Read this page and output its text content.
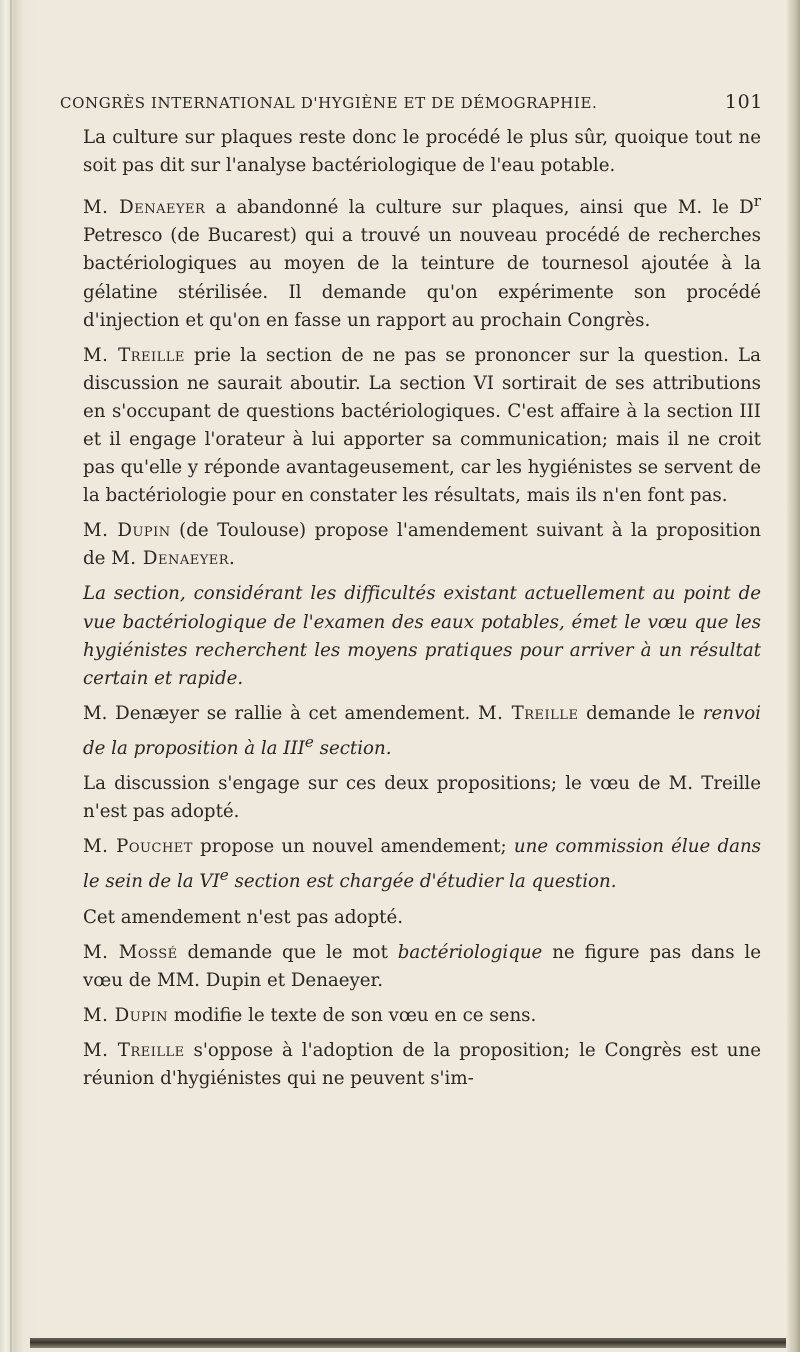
CONGRÈS INTERNATIONAL D'HYGIÈNE ET DE DÉMOGRAPHIE.	101

La culture sur plaques reste donc le procédé le plus sûr, quoique tout ne soit pas dit sur l'analyse bactériologique de l'eau potable.

M. Denaeyer a abandonné la culture sur plaques, ainsi que M. le $D^r$ Petresco (de Bucarest) qui a trouvé un nouveau procédé de recherches bactériologiques au moyen de la teinture de tournesol ajoutée à la gélatine stérilisée. Il demande qu'on expérimente son procédé d'injection et qu'on en fasse un rapport au prochain Congrès.

M. Treille prie la section de ne pas se prononcer sur la question. La discussion ne saurait aboutir. La section VI sortirait de ses attributions en s'occupant de questions bactériologiques. C'est affaire à la section III et il engage l'orateur à lui apporter sa communication; mais il ne croit pas qu'elle y réponde avantageusement, car les hygiénistes se servent de la bactériologie pour en constater les résultats, mais ils n'en font pas.

M. Dupin (de Toulouse) propose l'amendement suivant à la proposition de M. Denaeyer.

La section, considérant les difficultés existant actuellement au point de vue bactériologique de l'examen des eaux potables, émet le vœu que les hygiénistes recherchent les moyens pratiques pour arriver à un résultat certain et rapide.

M. Denæyer se rallie à cet amendement. M. Treille demande le renvoi de la proposition à la IIIe section.

La discussion s'engage sur ces deux propositions; le vœu de M. Treille n'est pas adopté.

M. Pouchet propose un nouvel amendement; une commission élue dans le sein de la VIe section est chargée d'étudier la question.

Cet amendement n'est pas adopté.

M. Mossé demande que le mot bactériologique ne figure pas dans le vœu de MM. Dupin et Denaeyer.

M. Dupin modifie le texte de son vœu en ce sens.

M. Treille s'oppose à l'adoption de la proposition; le Congrès est une réunion d'hygiénistes qui ne peuvent s'im-
